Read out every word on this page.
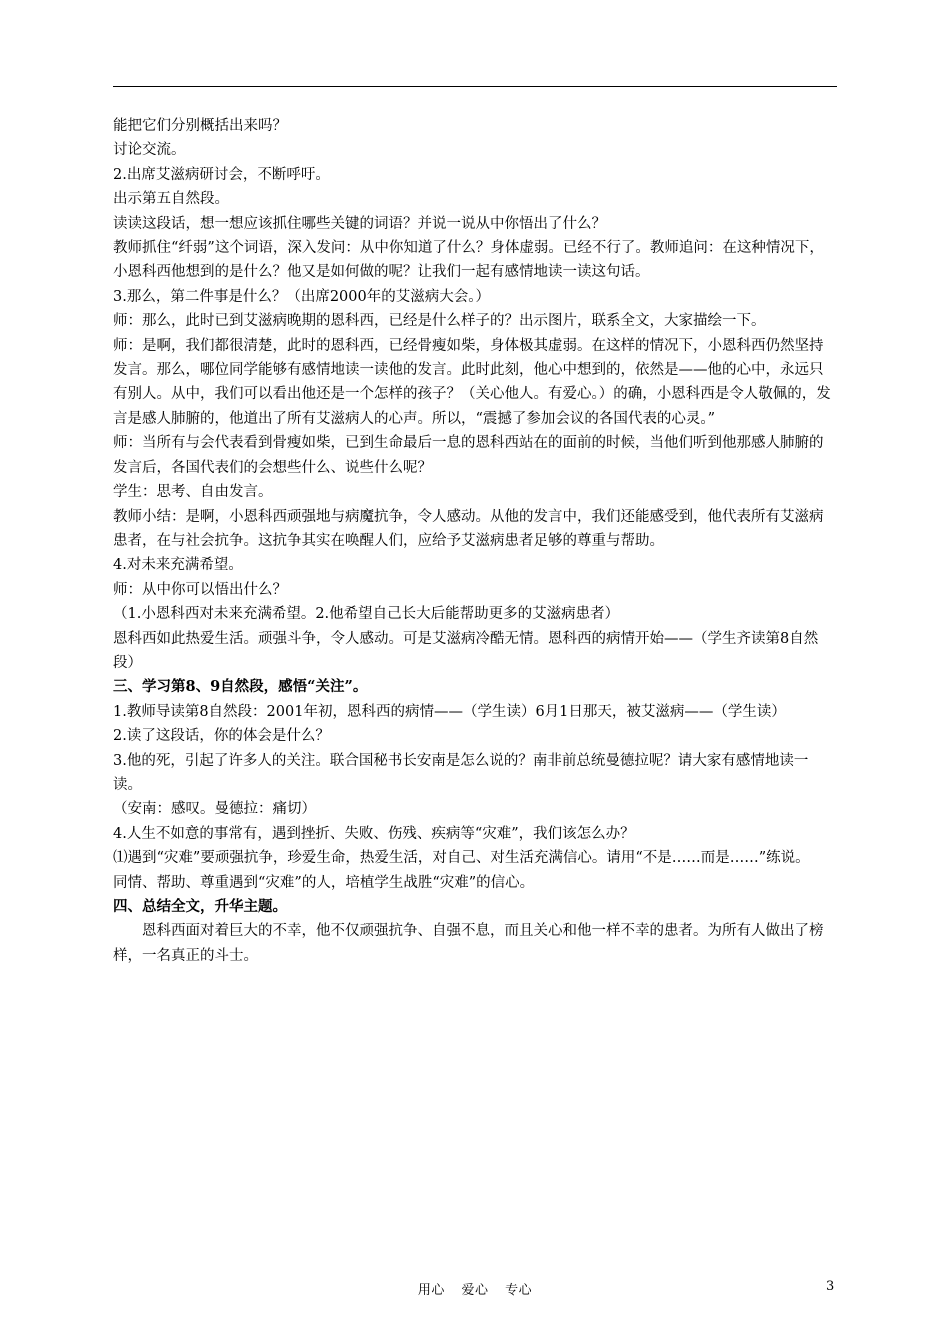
能把它们分别概括出来吗？

讨论交流。

2.出席艾滋病研讨会，不断呼吁。

出示第五自然段。

读读这段话，想一想应该抓住哪些关键的词语？并说一说从中你悟出了什么？

教师抓住“纤弱”这个词语，深入发问：从中你知道了什么？身体虚弱。已经不行了。教师追问：在这种情况下，小恩科西他想到的是什么？他又是如何做的呢？让我们一起有感情地读一读这句话。

3.那么，第二件事是什么？（出席2000年的艾滋病大会。）

师：那么，此时已到艾滋病晚期的恩科西，已经是什么样子的？出示图片，联系全文，大家描绘一下。

师：是啊，我们都很清楚，此时的恩科西，已经骨瘦如柴，身体极其虚弱。在这样的情况下，小恩科西仍然坚持发言。那么，哪位同学能够有感情地读一读他的发言。此时此刻，他心中想到的，依然是——他的心中，永远只有别人。从中，我们可以看出他还是一个怎样的孩子？（关心他人。有爱心。）的确，小恩科西是令人敬佩的，发言是感人肺腑的，他道出了所有艾滋病人的心声。所以，“震撼了参加会议的各国代表的心灵。”

师：当所有与会代表看到骨瘦如柴，已到生命最后一息的恩科西站在的面前的时候，当他们听到他那感人肺腑的发言后，各国代表们的会想些什么、说些什么呢？

学生：思考、自由发言。

教师小结：是啊，小恩科西顽强地与病魔抗争，令人感动。从他的发言中，我们还能感受到，他代表所有艾滋病患者，在与社会抗争。这抗争其实在唤醒人们，应给予艾滋病患者足够的尊重与帮助。

4.对未来充满希望。

师：从中你可以悟出什么？

（1.小恩科西对未来充满希望。2.他希望自己长大后能帮助更多的艾滋病患者）

恩科西如此热爱生活。顽强斗争，令人感动。可是艾滋病冷酷无情。恩科西的病情开始——（学生齐读第8自然段）

三、学习第8、9自然段，感悟“关注”。

1.教师导读第8自然段：2001年初，恩科西的病情——（学生读）6月1日那天，被艾滋病——（学生读）

2.读了这段话，你的体会是什么？

3.他的死，引起了许多人的关注。联合国秘书长安南是怎么说的？南非前总统曼德拉呢？请大家有感情地读一读。

（安南：感叹。曼德拉：痛切）

4.人生不如意的事常有，遇到挫折、失败、伤残、疾病等“灾难”，我们该怎么办？

⑴遇到“灾难”要顽强抗争，珍爱生命，热爱生活，对自己、对生活充满信心。请用“不是……而是……”练说。

同情、帮助、尊重遇到“灾难”的人，培植学生战胜“灾难”的信心。

四、总结全文，升华主题。

恩科西面对着巨大的不幸，他不仅顽强抗争、自强不息，而且关心和他一样不幸的患者。为所有人做出了榜样，一名真正的斗士。

用心 爱心 专心	3
